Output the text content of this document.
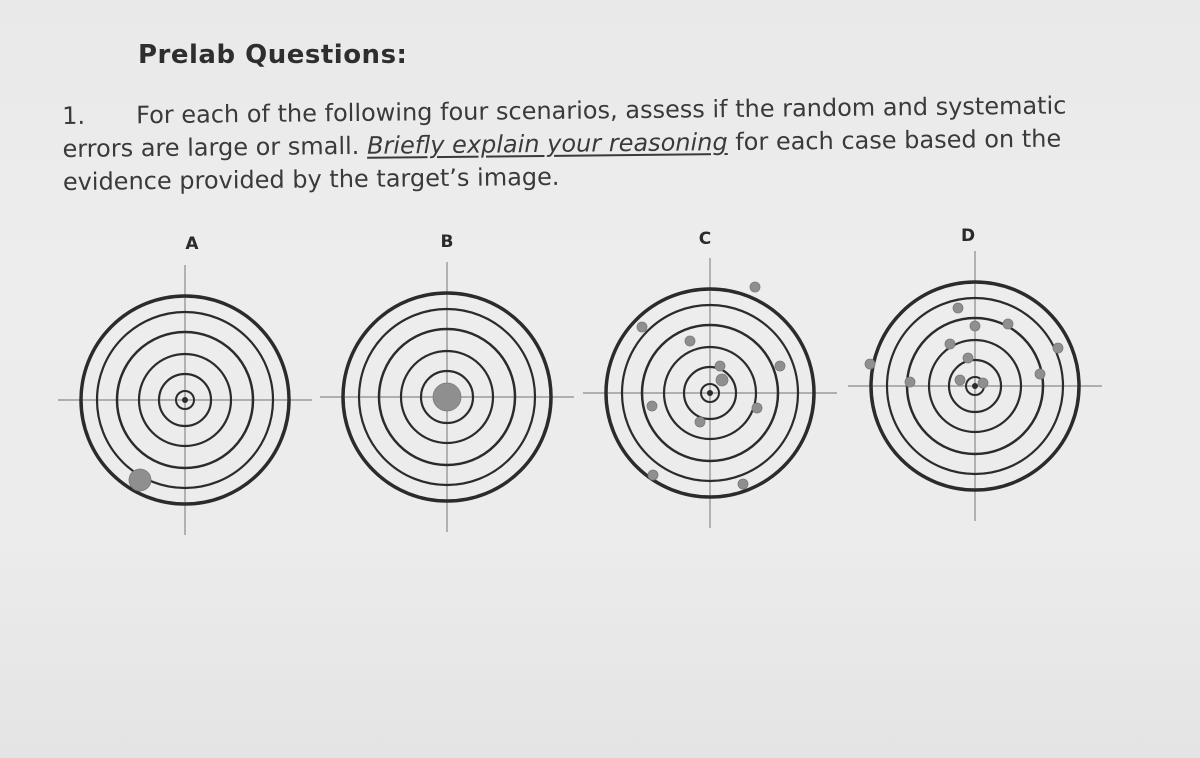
Prelab Questions:
1. For each of the following four scenarios, assess if the random and systematic errors are large or small. Briefly explain your reasoning for each case based on the evidence provided by the target’s image.
A	B	C	D
